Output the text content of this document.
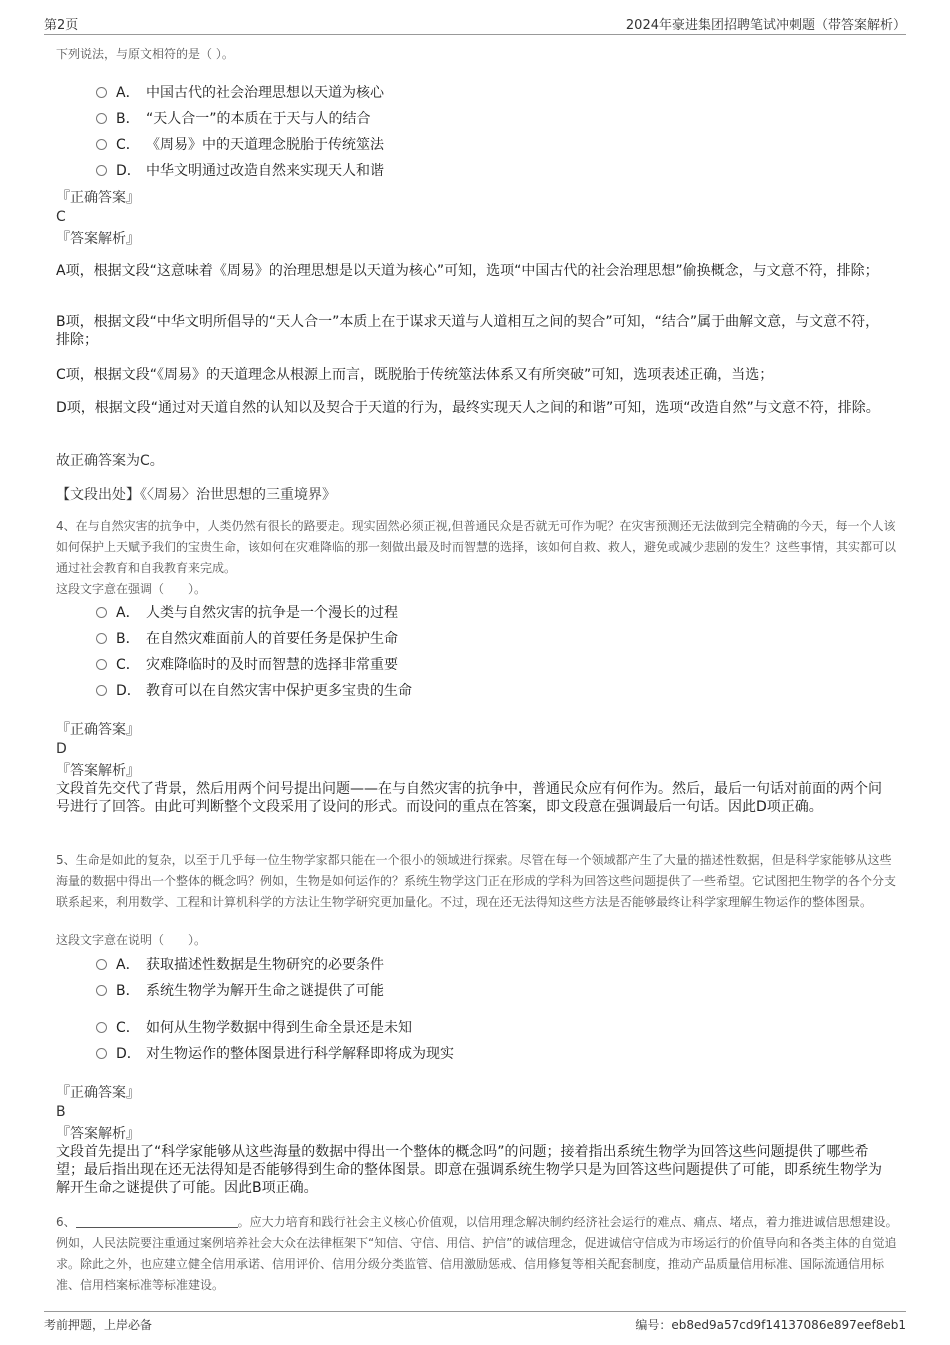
第2页	2024年豪进集团招聘笔试冲刺题（带答案解析）
下列说法，与原文相符的是（ ）。
A． 中国古代的社会治理思想以天道为核心
B． “天人合一”的本质在于天与人的结合
C． 《周易》中的天道理念脱胎于传统筮法
D． 中华文明通过改造自然来实现天人和谐
『正确答案』
C
『答案解析』
A项，根据文段“这意味着《周易》的治理思想是以天道为核心”可知，选项“中国古代的社会治理思想”偷换概念，与文意不符，排除；
B项，根据文段“中华文明所倡导的“天人合一”本质上在于谋求天道与人道相互之间的契合”可知，“结合”属于曲解文意，与文意不符，排除；
C项，根据文段“《周易》的天道理念从根源上而言，既脱胎于传统筮法体系又有所突破”可知，选项表述正确，当选；
D项，根据文段“通过对天道自然的认知以及契合于天道的行为，最终实现天人之间的和谐”可知，选项“改造自然”与文意不符，排除。
故正确答案为C。
【文段出处】《〈周易〉治世思想的三重境界》
4、在与自然灾害的抗争中，人类仍然有很长的路要走。现实固然必须正视,但普通民众是否就无可作为呢？在灾害预测还无法做到完全精确的今天，每一个人该如何保护上天赋予我们的宝贵生命，该如何在灾难降临的那一刻做出最及时而智慧的选择，该如何自救、救人，避免或减少悲剧的发生？这些事情，其实都可以通过社会教育和自我教育来完成。
这段文字意在强调（　　）。
A． 人类与自然灾害的抗争是一个漫长的过程
B． 在自然灾难面前人的首要任务是保护生命
C． 灾难降临时的及时而智慧的选择非常重要
D． 教育可以在自然灾害中保护更多宝贵的生命
『正确答案』
D
『答案解析』
文段首先交代了背景，然后用两个问号提出问题——在与自然灾害的抗争中，普通民众应有何作为。然后，最后一句话对前面的两个问号进行了回答。由此可判断整个文段采用了设问的形式。而设问的重点在答案，即文段意在强调最后一句话。因此D项正确。
5、生命是如此的复杂，以至于几乎每一位生物学家都只能在一个很小的领域进行探索。尽管在每一个领域都产生了大量的描述性数据，但是科学家能够从这些海量的数据中得出一个整体的概念吗？例如，生物是如何运作的？系统生物学这门正在形成的学科为回答这些问题提供了一些希望。它试图把生物学的各个分支联系起来，利用数学、工程和计算机科学的方法让生物学研究更加量化。不过，现在还无法得知这些方法是否能够最终让科学家理解生物运作的整体图景。
这段文字意在说明（　　）。
A． 获取描述性数据是生物研究的必要条件
B． 系统生物学为解开生命之谜提供了可能
C． 如何从生物学数据中得到生命全景还是未知
D． 对生物运作的整体图景进行科学解释即将成为现实
『正确答案』
B
『答案解析』
文段首先提出了“科学家能够从这些海量的数据中得出一个整体的概念吗”的问题；接着指出系统生物学为回答这些问题提供了哪些希望；最后指出现在还无法得知是否能够得到生命的整体图景。即意在强调系统生物学只是为回答这些问题提供了可能，即系统生物学为解开生命之谜提供了可能。因此B项正确。
6、	。应大力培育和践行社会主义核心价值观，以信用理念解决制约经济社会运行的难点、痛点、堵点，着力推进诚信思想建设。例如，人民法院要注重通过案例培养社会大众在法律框架下“知信、守信、用信、护信”的诚信理念，促进诚信守信成为市场运行的价值导向和各类主体的自觉追求。除此之外，也应建立健全信用承诺、信用评价、信用分级分类监管、信用激励惩戒、信用修复等相关配套制度，推动产品质量信用标准、国际流通信用标准、信用档案标准等标准建设。
考前押题，上岸必备	编号：eb8ed9a57cd9f14137086e897eef8eb1
